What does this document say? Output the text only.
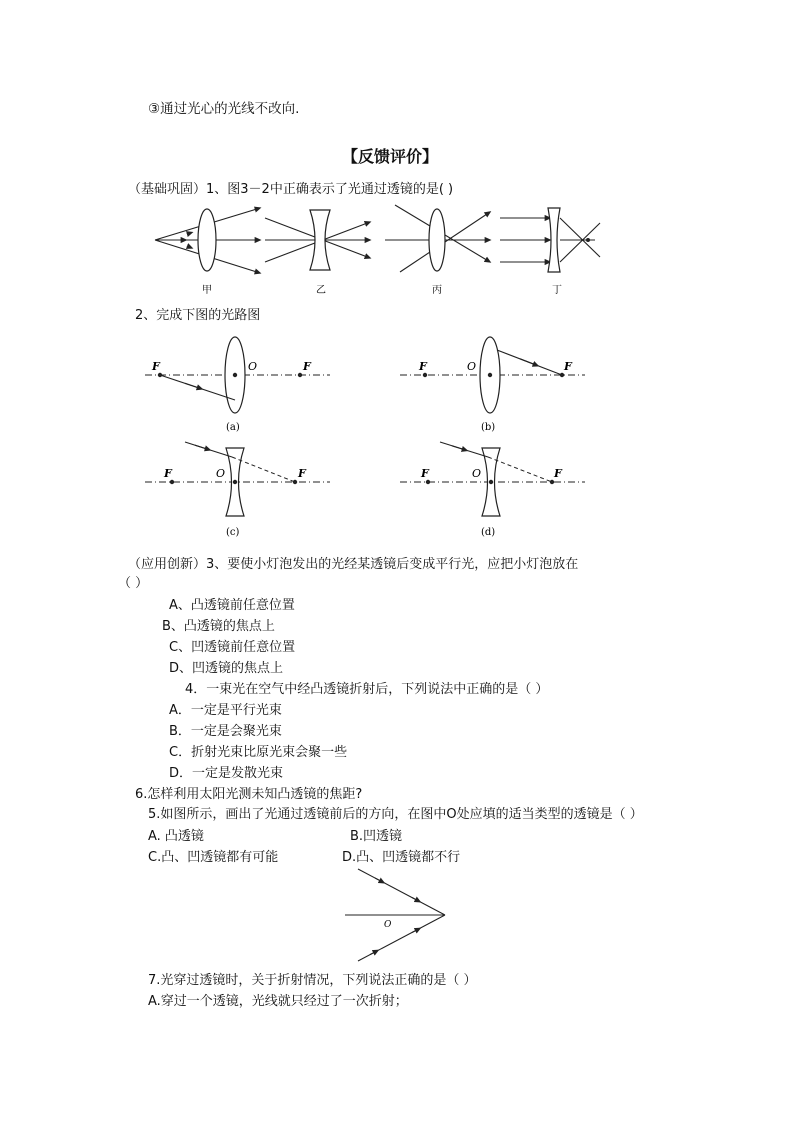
③通过光心的光线不改向.
【反馈评价】
（基础巩固）1、图3－2中正确表示了光通过透镜的是( )
甲	乙	丙	丁
2、完成下图的光路图
F	O	F
(a)
F	O	F
(b)
F	O	F
(c)
F	O	F
(d)
（应用创新）3、要使小灯泡发出的光经某透镜后变成平行光，应把小灯泡放在
（ ）
A、凸透镜前任意位置
B、凸透镜的焦点上
C、凹透镜前任意位置
D、凹透镜的焦点上
4．一束光在空气中经凸透镜折射后，下列说法中正确的是（ ）
A．一定是平行光束
B．一定是会聚光束
C．折射光束比原光束会聚一些
D．一定是发散光束
6.怎样利用太阳光测未知凸透镜的焦距?
5.如图所示，画出了光通过透镜前后的方向，在图中O处应填的适当类型的透镜是（ ）
A. 凸透镜	B.凹透镜
C.凸、凹透镜都有可能	D.凸、凹透镜都不行
O
7.光穿过透镜时，关于折射情况，下列说法正确的是（ ）
A.穿过一个透镜，光线就只经过了一次折射；
